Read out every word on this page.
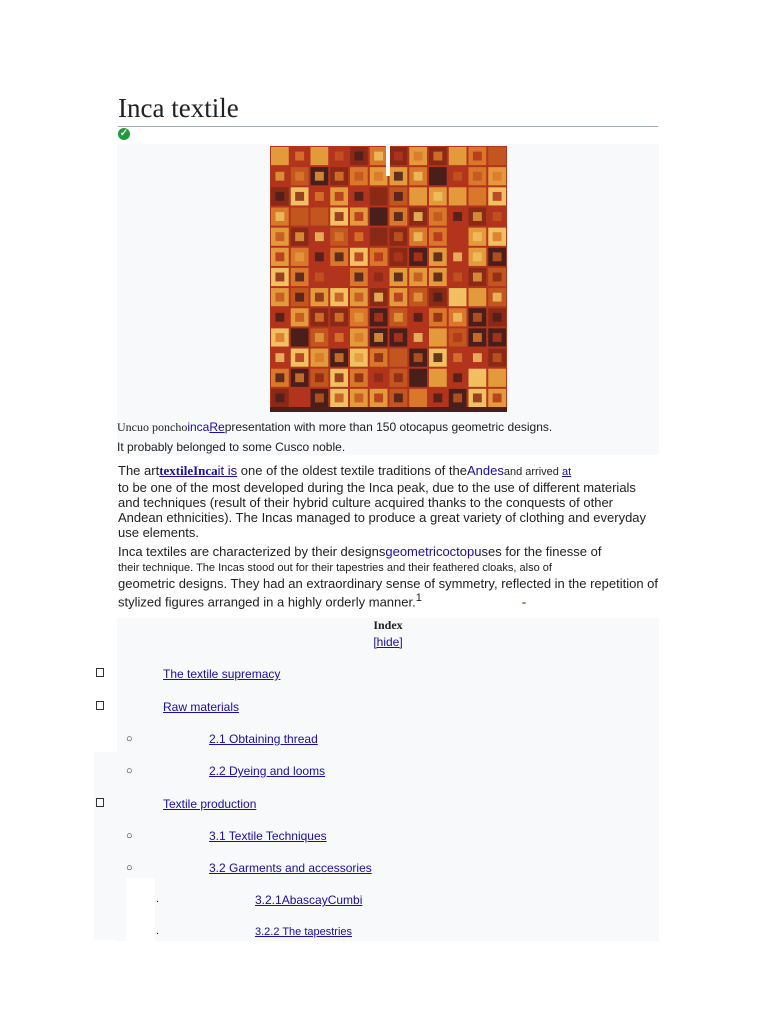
Inca textile
✓
Uncuo ponchoincaRepresentation with more than 150 otocapus geometric designs.
It probably belonged to some Cusco noble.
The arttextileIncait is one of the oldest textile traditions of theAndesand arrived at
to be one of the most developed during the Inca peak, due to the use of different materials and techniques (result of their hybrid culture acquired thanks to the conquests of other Andean ethnicities). The Incas managed to produce a great variety of clothing and everyday use elements.
Inca textiles are characterized by their designsgeometricoctopuses for the finesse of
their technique. The Incas stood out for their tapestries and their feathered cloaks, also of
geometric designs. They had an extraordinary sense of symmetry, reflected in the repetition of stylized figures arranged in a highly orderly manner.$^1$	-
Index
[hide]
The textile supremacy
Raw materials
○	2.1 Obtaining thread
○	2.2 Dyeing and looms
Textile production
○	3.1 Textile Techniques
○	3.2 Garments and accessories
.	3.2.1AbascayCumbi
.	3.2.2 The tapestries
